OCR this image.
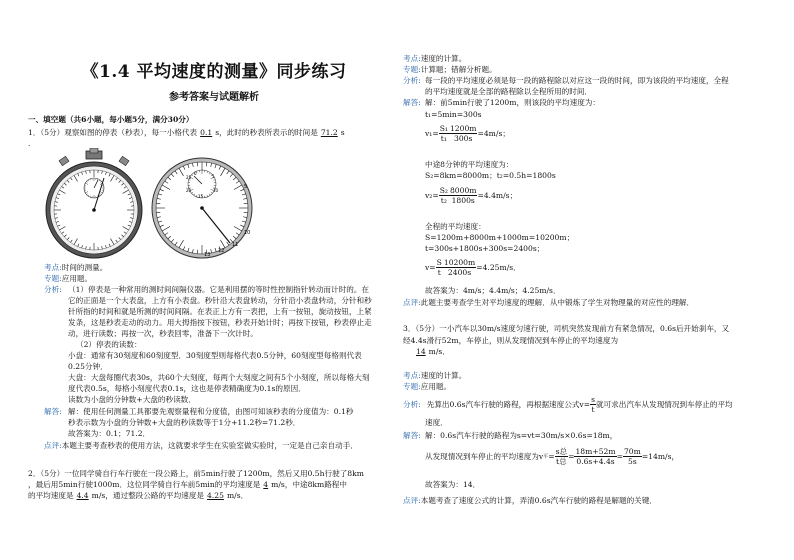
《1.4 平均速度的测量》同步练习
参考答案与试题解析
一、填空题（共6小题，每小题5分，满分30分）
1．（5分）观察如图的停表（秒表），每一小格代表 0.1 s，此时的秒表所表示的时间是 71.2 s
.
0
5
10
15
20
25
5
10
11
12
13
考点:时间的测量。
专题:应用题。
分析: （1）停表是一种常用的测时间间隔仪器。它是利用摆的等时性控制指针转动而计时的。在
它的正面是一个大表盘，上方有小表盘。秒针沿大表盘转动，分针沿小表盘转动，分针和秒
针所指的时间和就是所测的时间间隔。在表正上方有一表把，上有一按钮，旋动按钮，上紧
发条，这是秒表走动的动力。用大拇指按下按钮，秒表开始计时；再按下按钮，秒表停止走
动，进行读数；再按一次，秒表回零，准备下一次计时。
（2）停表的读数：
小盘：通常有30刻度和60刻度型．30刻度型则每格代表0.5分钟，60刻度型每格则代表
0.25分钟．
大盘：大盘每圈代表30s，共60个大刻度，每两个大刻度之间有5个小刻度，所以每格大刻
度代表0.5s，每格小刻度代表0.1s，这也是停表精确度为0.1s的原因．
读数为小盘的分钟数+大盘的秒读数．
解答: 解：使用任何测量工具都要先观察量程和分度值，由图可知该秒表的分度值为：0.1秒
秒表示数为小盘的分钟数+大盘的秒读数等于1分+11.2秒=71.2秒．
故答案为：0.1；71.2．
点评:本题主要考查秒表的使用方法，这就要求学生在实验室做实验时，一定是自己亲自动手．
2．（5分）一位同学骑自行车行驶在一段公路上，前5min行驶了1200m，然后又用0.5h行驶了8km
，最后用5min行驶1000m．这位同学骑自行车前5min的平均速度是 4 m/s，中途8km路程中
的平均速度是 4.4 m/s，通过整段公路的平均速度是 4.25 m/s．
考点:速度的计算。
专题:计算题；错解分析题。
分析: 每一段的平均速度必须是每一段的路程除以对应这一段的时间，即为该段的平均速度，全程
的平均速度就是全部的路程除以全程所用的时间．
解答: 解：前5min行驶了1200m，则该段的平均速度为：
t₁=5min=300s
$v_1= \frac{\text{S₁}}{\text{t₁}} \frac{1200m}{300s} =4m/s$；
中途8分钟的平均速度为：
S₂=8km=8000m；t₂=0.5h=1800s
$v_2= \frac{\text{S₂}}{\text{t₂}} \frac{8000m}{1800s} =4.4m/s$；
全程的平均速度：
S=1200m+8000m+1000m=10200m；
t=300s+1800s+300s=2400s；
$v= \frac{S}{t} \frac{10200m}{2400s} =4.25m/s$．
故答案为：4m/s；4.4m/s；4.25m/s．
点评:此题主要考查学生对平均速度的理解．从中锻炼了学生对物理量的对应性的理解．
3．（5分）一小汽车以30m/s速度匀速行驶，司机突然发现前方有紧急情况，0.6s后开始刹车，又
经4.4s滑行52m，车停止，则从发现情况到车停止的平均速度为
14 m/s．
考点:速度的计算。
专题:应用题。
分析: 先算出0.6s汽车行驶的路程，再根据速度公式$v= \frac{s}{t}$ 就可求出汽车从发现情况到车停止的平均
速度．
解答: 解：0.6s汽车行驶的路程为s=vt=30m/s×0.6s=18m，
从发现情况到车停止的平均速度为v 平 = $\frac{\text{s总}}{\text{t总}} = \frac{18m+52m}{0.6s+4.4s} = \frac{70m}{5s} =14m/s$，
故答案为：14．
点评:本题考查了速度公式的计算，弄清0.6s汽车行驶的路程是解题的关键．
